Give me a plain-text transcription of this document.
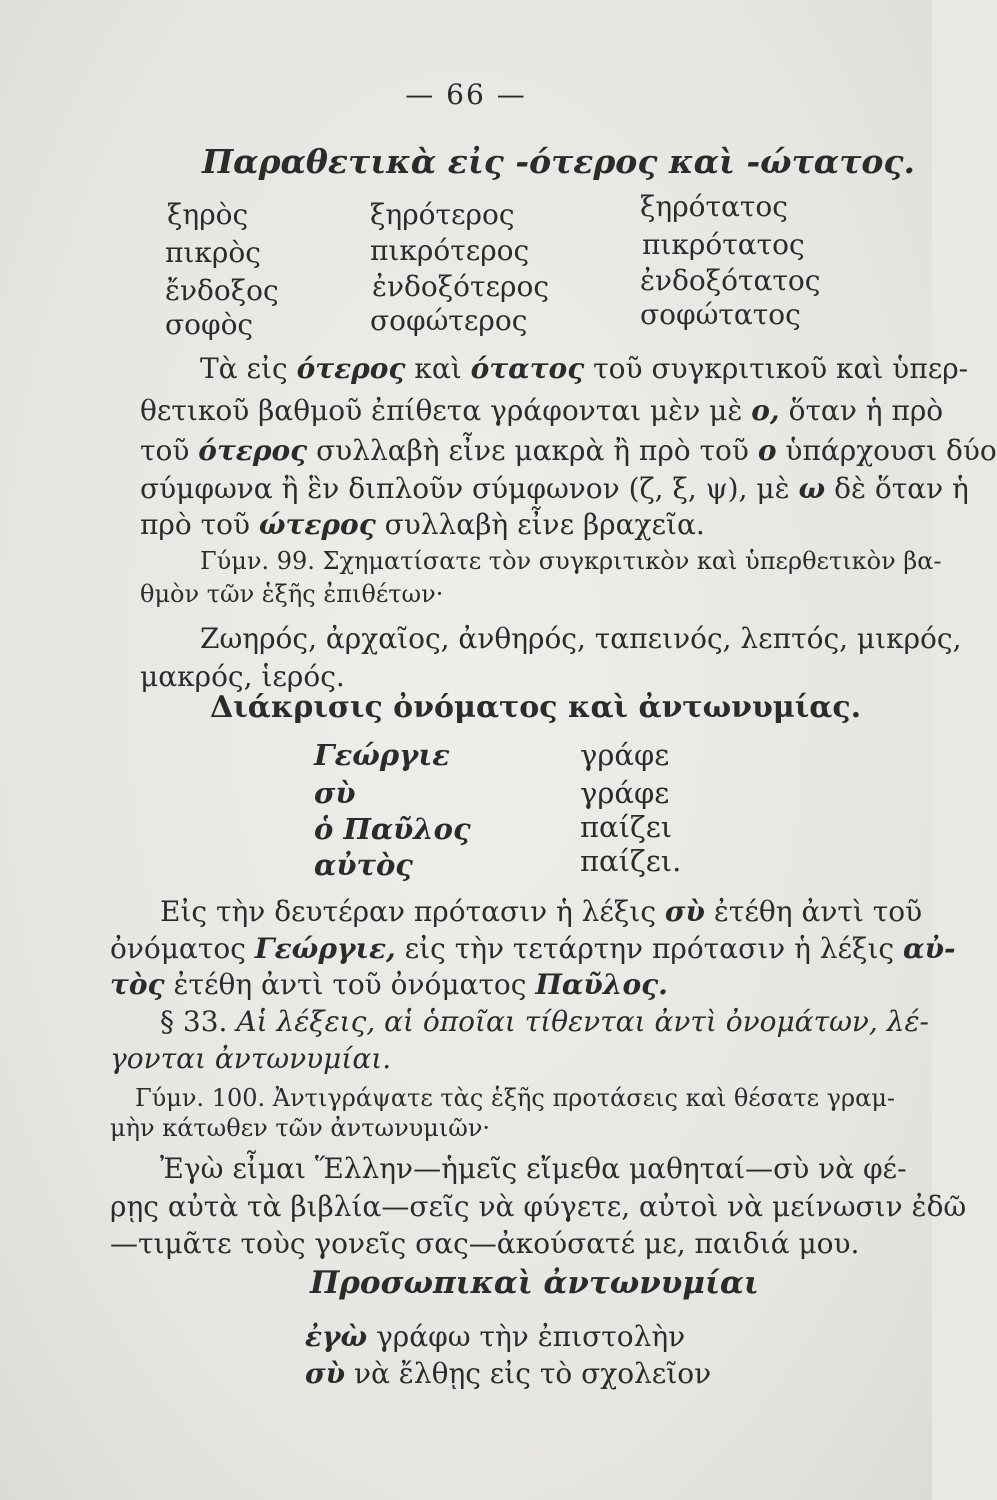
— 66 —
Παραθετικὰ εἰς -ότερος καὶ -ώτατος.
ξηρὸς	ξηρότερος	ξηρότατος
πικρὸς	πικρότερος	πικρότατος
ἔνδοξος	ἐνδοξότερος	ἐνδοξότατος
σοφὸς	σοφώτερος	σοφώτατος
Τὰ εἰς ότερος καὶ ότατος τοῦ συγκριτικοῦ καὶ ὑπερ-
θετικοῦ βαθμοῦ ἐπίθετα γράφονται μὲν μὲ ο, ὅταν ἡ πρὸ
τοῦ ότερος συλλαβὴ εἶνε μακρὰ ἢ πρὸ τοῦ ο ὑπάρχουσι δύο
σύμφωνα ἢ ἓν διπλοῦν σύμφωνον (ζ, ξ, ψ), μὲ ω δὲ ὅταν ἡ
πρὸ τοῦ ώτερος συλλαβὴ εἶνε βραχεῖα.
Γύμν. 99. Σχηματίσατε τὸν συγκριτικὸν καὶ ὑπερθετικὸν βα-
θμὸν τῶν ἑξῆς ἐπιθέτων·
Ζωηρός, ἀρχαῖος, ἀνθηρός, ταπεινός, λεπτός, μικρός,
μακρός, ἱερός.
Διάκρισις ὀνόματος καὶ ἀντωνυμίας.
Γεώργιε	γράφε
σὺ	γράφε
ὁ Παῦλος	παίζει
αὐτὸς	παίζει.
Εἰς τὴν δευτέραν πρότασιν ἡ λέξις σὺ ἐτέθη ἀντὶ τοῦ
ὀνόματος Γεώργιε, εἰς τὴν τετάρτην πρότασιν ἡ λέξις αὐ-
τὸς ἐτέθη ἀντὶ τοῦ ὀνόματος Παῦλος.
§ 33. Αἱ λέξεις, αἱ ὁποῖαι τίθενται ἀντὶ ὀνομάτων, λέ-
γονται ἀντωνυμίαι.
Γύμν. 100. Ἀντιγράψατε τὰς ἑξῆς προτάσεις καὶ θέσατε γραμ-
μὴν κάτωθεν τῶν ἀντωνυμιῶν·
Ἐγὼ εἶμαι Ἕλλην—ἡμεῖς εἴμεθα μαθηταί—σὺ νὰ φέ-
ρῃς αὐτὰ τὰ βιβλία—σεῖς νὰ φύγετε, αὐτοὶ νὰ μείνωσιν ἐδῶ
—τιμᾶτε τοὺς γονεῖς σας—ἀκούσατέ με, παιδιά μου.
Προσωπικαὶ ἀντωνυμίαι
ἐγὼ γράφω τὴν ἐπιστολὴν
σὺ νὰ ἔλθῃς εἰς τὸ σχολεῖον
